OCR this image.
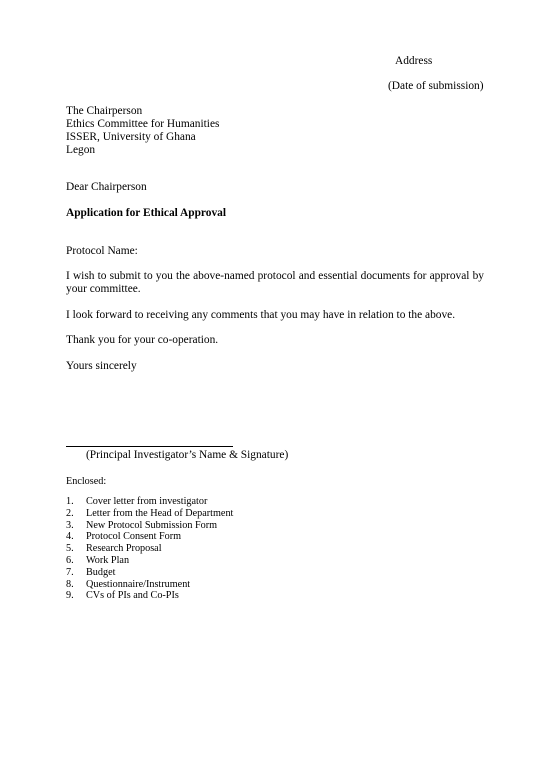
Address

(Date of submission)

The Chairperson
Ethics Committee for Humanities
ISSER, University of Ghana
Legon

Dear Chairperson

Application for Ethical Approval

Protocol Name:

I wish to submit to you the above-named protocol and essential documents for approval by your committee.

I look forward to receiving any comments that you may have in relation to the above.

Thank you for your co-operation.

Yours sincerely

(Principal Investigator’s Name & Signature)

Enclosed:

1.	Cover letter from investigator
2.	Letter from the Head of Department
3.	New Protocol Submission Form
4.	Protocol Consent Form
5.	Research Proposal
6.	Work Plan
7.	Budget
8.	Questionnaire/Instrument
9.	CVs of PIs and Co-PIs
